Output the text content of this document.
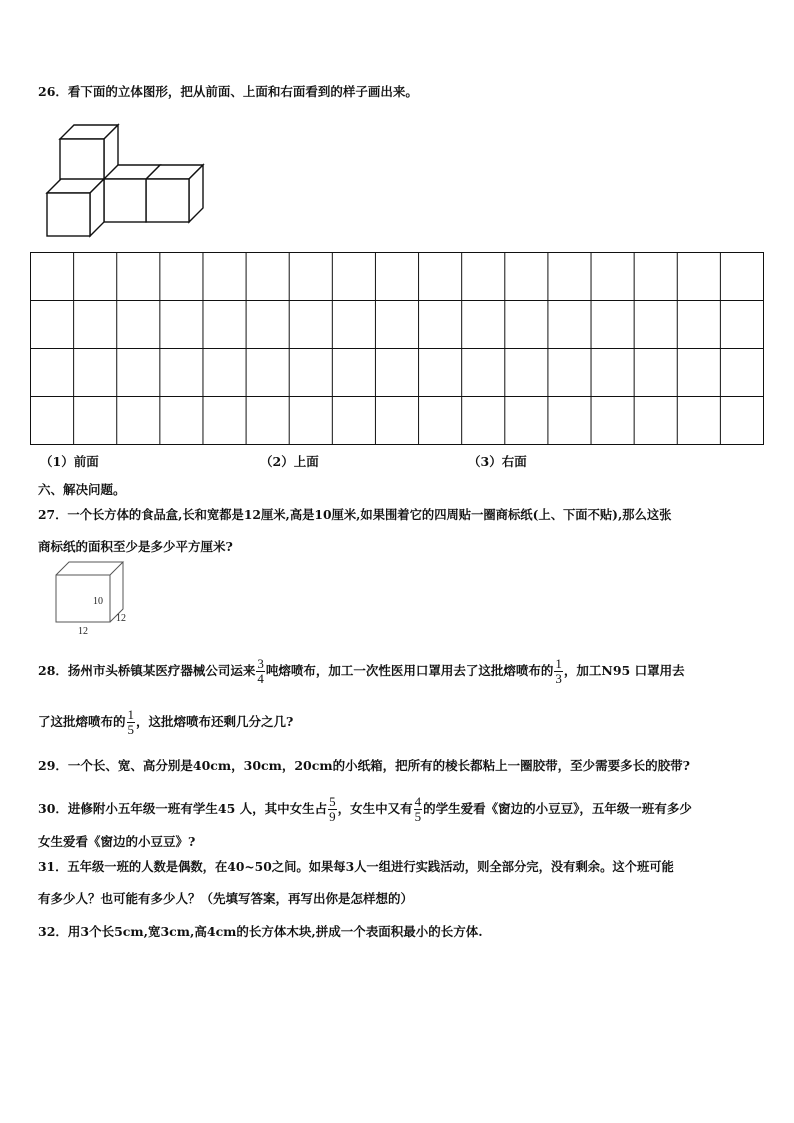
26．看下面的立体图形，把从前面、上面和右面看到的样子画出来。
（1）前面	（2）上面	（3）右面
六、解决问题。
27．一个长方体的食品盒,长和宽都是12厘米,高是10厘米,如果围着它的四周贴一圈商标纸(上、下面不贴),那么这张
商标纸的面积至少是多少平方厘米?
10
12
12
28．扬州市头桥镇某医疗器械公司运来 $\frac{3}{4}$ 吨熔喷布，加工一次性医用口罩用去了这批熔喷布的 $\frac{1}{3}$ ，加工N95 口罩用去
了这批熔喷布的 $\frac{1}{5}$ ，这批熔喷布还剩几分之几?
29．一个长、宽、高分别是40cm，30cm，20cm的小纸箱，把所有的棱长都粘上一圈胶带，至少需要多长的胶带?
30．进修附小五年级一班有学生45 人，其中女生占 $\frac{5}{9}$ ，女生中又有 $\frac{4}{5}$ 的学生爱看《窗边的小豆豆》，五年级一班有多少
女生爱看《窗边的小豆豆》?
31．五年级一班的人数是偶数，在40~50之间。如果每3人一组进行实践活动，则全部分完，没有剩余。这个班可能
有多少人？也可能有多少人？（先填写答案，再写出你是怎样想的）
32．用3个长5cm,宽3cm,高4cm的长方体木块,拼成一个表面积最小的长方体.
